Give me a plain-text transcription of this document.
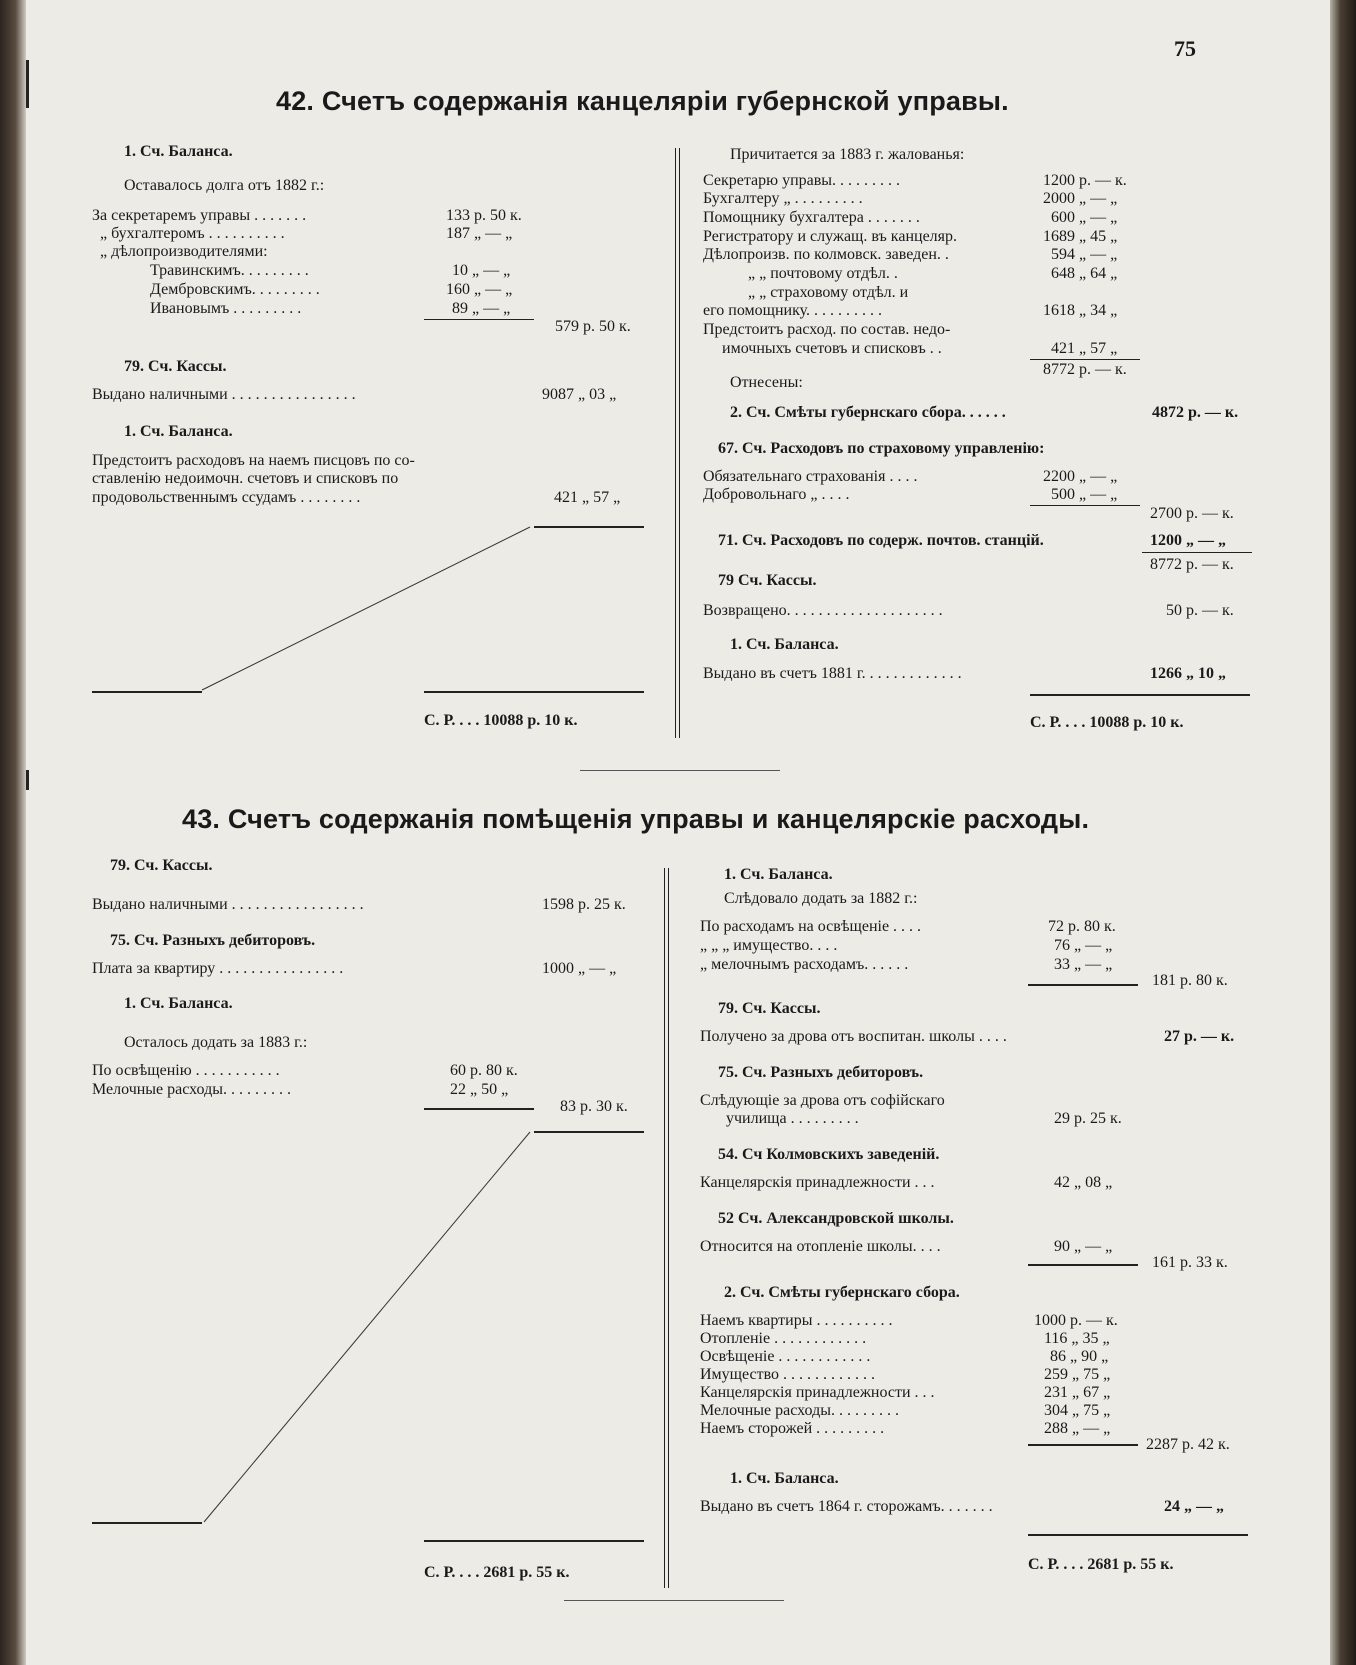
75
42. Счетъ содержанія канцеляріи губернской управы.
1. Сч. Баланса.
Оставалось долга отъ 1882 г.:
За секретаремъ управы . . . . . . .	133 р. 50 к.
„ бухгалтеромъ . . . . . . . . . .	187 „ — „
„ дѣлопроизводителями:
Травинскимъ. . . . . . . . .	10 „ — „
Дембровскимъ. . . . . . . . .	160 „ — „
Ивановымъ . . . . . . . . .	89 „ — „
579 р. 50 к.
79. Сч. Кассы.
Выдано наличными . . . . . . . . . . . . . . . .	9087 „ 03 „
1. Сч. Баланса.
Предстоитъ расходовъ на наемъ писцовъ по со-
ставленію недоимочн. счетовъ и списковъ по
продовольственнымъ ссудамъ . . . . . . . .	421 „ 57 „
С. Р. . . . 10088 р. 10 к.
Причитается за 1883 г. жалованья:
Секретарю управы. . . . . . . . .	1200 р. — к.
Бухгалтеру „ . . . . . . . . .	2000 „ — „
Помощнику бухгалтера . . . . . . .	600 „ — „
Регистратору и служащ. въ канцеляр.	1689 „ 45 „
Дѣлопроизв. по колмовск. заведен. .	594 „ — „
„ „ почтовому отдѣл. .	648 „ 64 „
„ „ страховому отдѣл. и
его помощнику. . . . . . . . . .	1618 „ 34 „
Предстоитъ расход. по состав. недо-
имочныхъ счетовъ и списковъ . .	421 „ 57 „
8772 р. — к.
Отнесены:
2. Сч. Смѣты губернскаго сбора. . . . . .	4872 р. — к.
67. Сч. Расходовъ по страховому управленію:
Обязательнаго страхованія . . . .	2200 „ — „
Добровольнаго „ . . . .	500 „ — „
2700 р. — к.
71. Сч. Расходовъ по содерж. почтов. станцій.	1200 „ — „
8772 р. — к.
79 Сч. Кассы.
Возвращено. . . . . . . . . . . . . . . . . . . .	50 р. — к.
1. Сч. Баланса.
Выдано въ счетъ 1881 г. . . . . . . . . . . . .	1266 „ 10 „
С. Р. . . . 10088 р. 10 к.
43. Счетъ содержанія помѣщенія управы и канцелярскіе расходы.
79. Сч. Кассы.
Выдано наличными . . . . . . . . . . . . . . . . .	1598 р. 25 к.
75. Сч. Разныхъ дебиторовъ.
Плата за квартиру . . . . . . . . . . . . . . . .	1000 „ — „
1. Сч. Баланса.
Осталось додать за 1883 г.:
По освѣщенію . . . . . . . . . . .	60 р. 80 к.
Мелочные расходы. . . . . . . . .	22 „ 50 „
83 р. 30 к.
С. Р. . . . 2681 р. 55 к.
1. Сч. Баланса.
Слѣдовало додать за 1882 г.:
По расходамъ на освѣщеніе . . . .	72 р. 80 к.
„ „ „ имущество. . . .	76 „ — „
„ мелочнымъ расходамъ. . . . . .	33 „ — „
181 р. 80 к.
79. Сч. Кассы.
Получено за дрова отъ воспитан. школы . . . .	27 р. — к.
75. Сч. Разныхъ дебиторовъ.
Слѣдующіе за дрова отъ софійскаго
училища . . . . . . . . .	29 р. 25 к.
54. Сч Колмовскихъ заведеній.
Канцелярскія принадлежности . . .	42 „ 08 „
52 Сч. Александровской школы.
Относится на отопленіе школы. . . .	90 „ — „
161 р. 33 к.
2. Сч. Смѣты губернскаго сбора.
Наемъ квартиры . . . . . . . . . .	1000 р. — к.
Отопленіе . . . . . . . . . . . .	116 „ 35 „
Освѣщеніе . . . . . . . . . . . .	86 „ 90 „
Имущество . . . . . . . . . . . .	259 „ 75 „
Канцелярскія принадлежности . . .	231 „ 67 „
Мелочные расходы. . . . . . . . .	304 „ 75 „
Наемъ сторожей . . . . . . . . .	288 „ — „
2287 р. 42 к.
1. Сч. Баланса.
Выдано въ счетъ 1864 г. сторожамъ. . . . . . .	24 „ — „
С. Р. . . . 2681 р. 55 к.
